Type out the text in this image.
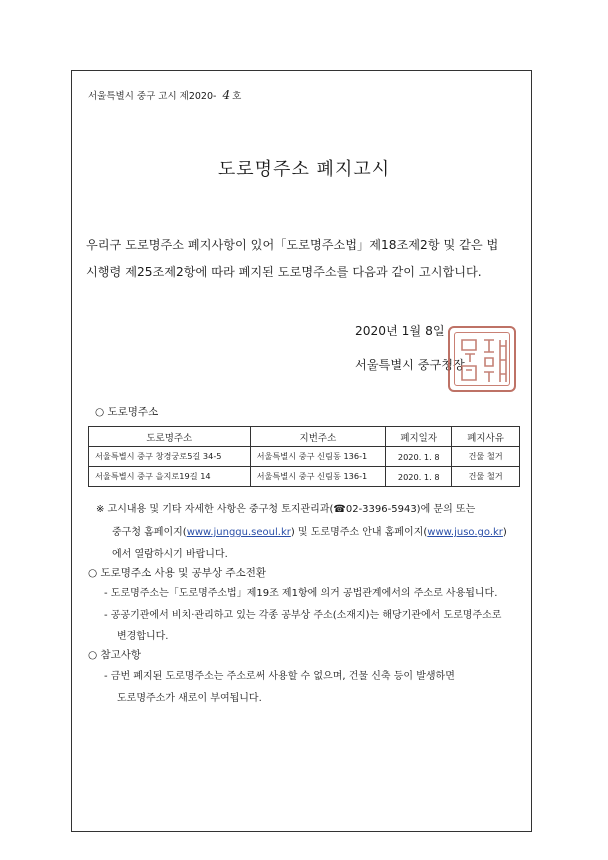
서울특별시 중구 고시 제2020- 4 호
도로명주소 폐지고시
우리구 도로명주소 폐지사항이 있어「도로명주소법」제18조제2항 및 같은 법
시행령 제25조제2항에 따라 폐지된 도로명주소를 다음과 같이 고시합니다.
2020년 1월 8일
서울특별시 중구청장
○ 도로명주소
도로명주소	지번주소	폐지일자	폐지사유
서울특별시 중구 창경궁로5길 34-5	서울특별시 중구 신림동 136-1	2020. 1. 8	건물 철거
서울특별시 중구 을지로19길 14	서울특별시 중구 신림동 136-1	2020. 1. 8	건물 철거
※ 고시내용 및 기타 자세한 사항은 중구청 토지관리과(☎02-3396-5943)에 문의 또는
중구청 홈페이지(www.junggu.seoul.kr) 및 도로명주소 안내 홈페이지(www.juso.go.kr)
에서 열람하시기 바랍니다.
○ 도로명주소 사용 및 공부상 주소전환
- 도로명주소는「도로명주소법」제19조 제1항에 의거 공법관계에서의 주소로 사용됩니다.
- 공공기관에서 비치·관리하고 있는 각종 공부상 주소(소재지)는 해당기관에서 도로명주소로
변경합니다.
○ 참고사항
- 금번 폐지된 도로명주소는 주소로써 사용할 수 없으며, 건물 신축 등이 발생하면
도로명주소가 새로이 부여됩니다.
